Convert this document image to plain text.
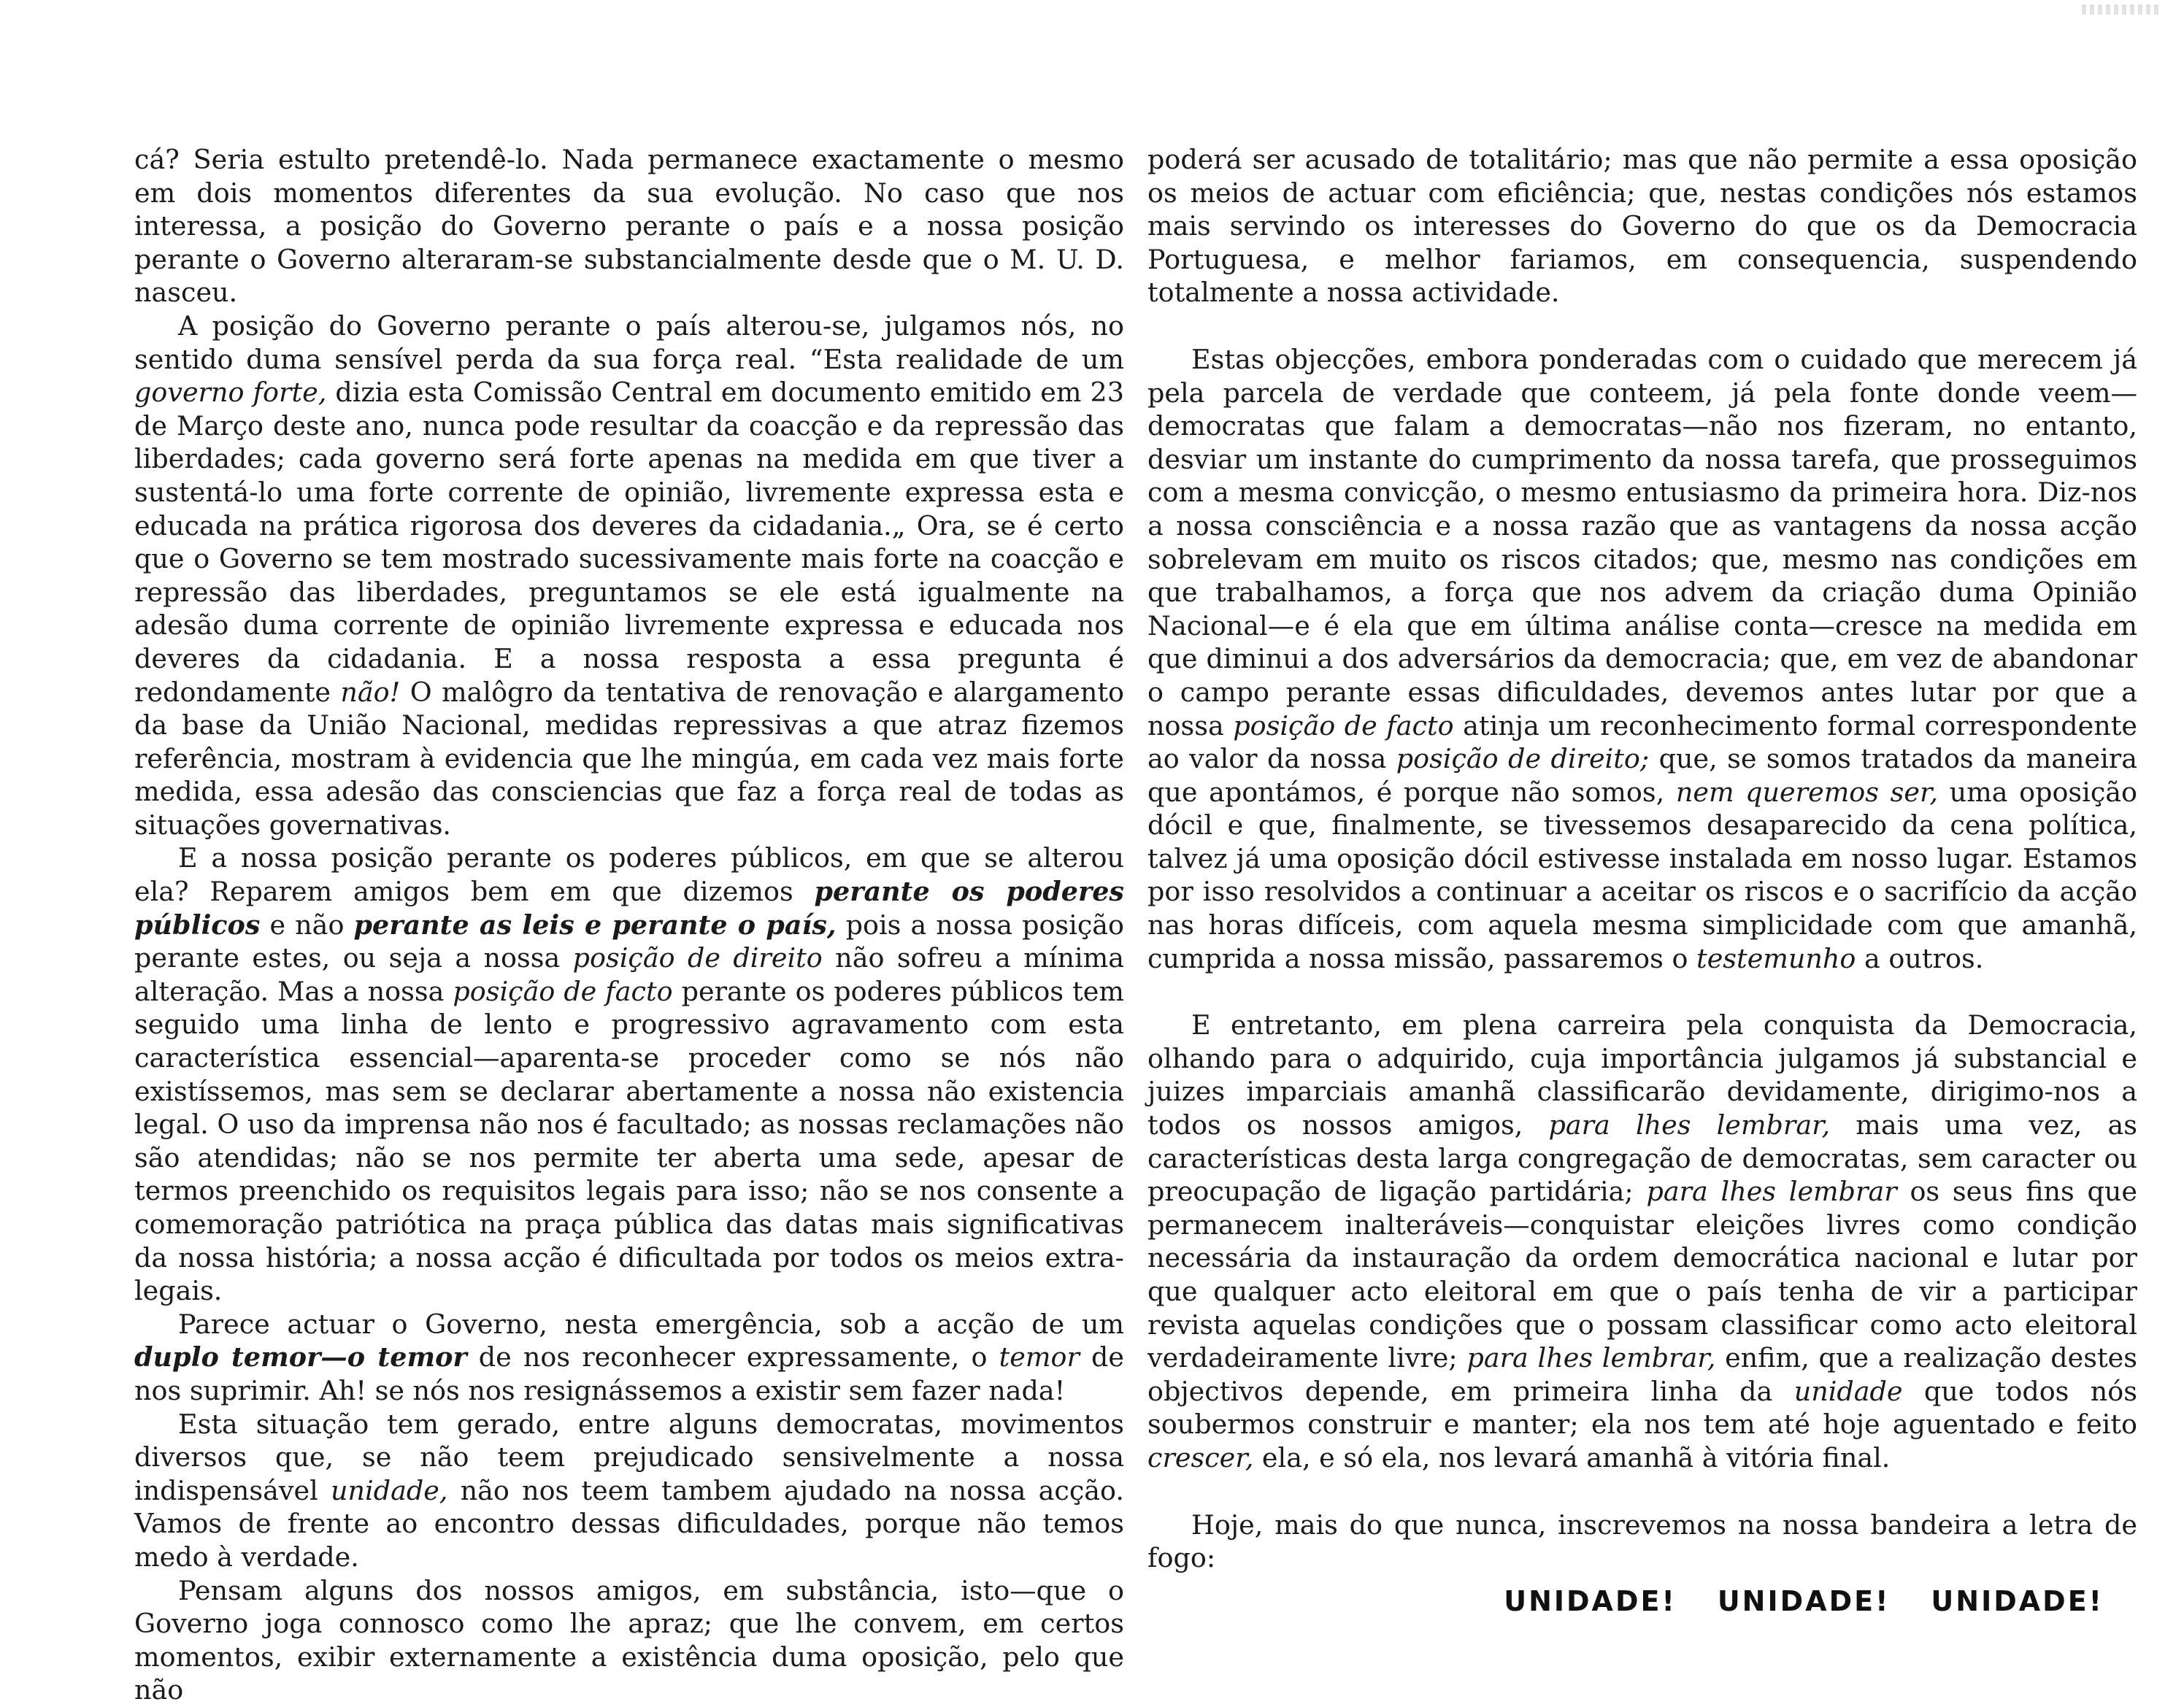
cá? Seria estulto pretendê-lo. Nada permanece exactamente o mesmo em dois momentos diferentes da sua evolução. No caso que nos interessa, a posição do Governo perante o país e a nossa posição perante o Governo alteraram-se substancialmente desde que o M. U. D. nasceu.

A posição do Governo perante o país alterou-se, julgamos nós, no sentido duma sensível perda da sua força real. “Esta realidade de um governo forte, dizia esta Comissão Central em documento emitido em 23 de Março deste ano, nunca pode resultar da coacção e da repressão das liberdades; cada governo será forte apenas na medida em que tiver a sustentá-lo uma forte corrente de opinião, livremente expressa esta e educada na prática rigorosa dos deveres da cidadania.„ Ora, se é certo que o Governo se tem mostrado sucessivamente mais forte na coacção e repressão das liberdades, preguntamos se ele está igualmente na adesão duma corrente de opinião livremente expressa e educada nos deveres da cidadania. E a nossa resposta a essa pregunta é redondamente não! O malôgro da tentativa de renovação e alargamento da base da União Nacional, medidas repressivas a que atraz fizemos referência, mostram à evidencia que lhe mingúa, em cada vez mais forte medida, essa adesão das consciencias que faz a força real de todas as situações governativas.

E a nossa posição perante os poderes públicos, em que se alterou ela? Reparem amigos bem em que dizemos perante os poderes públicos e não perante as leis e perante o país, pois a nossa posição perante estes, ou seja a nossa posição de direito não sofreu a mínima alteração. Mas a nossa posição de facto perante os poderes públicos tem seguido uma linha de lento e progressivo agravamento com esta característica essencial—aparenta-se proceder como se nós não existíssemos, mas sem se declarar abertamente a nossa não existencia legal. O uso da imprensa não nos é facultado; as nossas reclamações não são atendidas; não se nos permite ter aberta uma sede, apesar de termos preenchido os requisitos legais para isso; não se nos consente a comemoração patriótica na praça pública das datas mais significativas da nossa história; a nossa acção é dificultada por todos os meios extra-legais.

Parece actuar o Governo, nesta emergência, sob a acção de um duplo temor—o temor de nos reconhecer expressamente, o temor de nos suprimir. Ah! se nós nos resignássemos a existir sem fazer nada!

Esta situação tem gerado, entre alguns democratas, movimentos diversos que, se não teem prejudicado sensivelmente a nossa indispensável unidade, não nos teem tambem ajudado na nossa acção. Vamos de frente ao encontro dessas dificuldades, porque não temos medo à verdade.

Pensam alguns dos nossos amigos, em substância, isto—que o Governo joga connosco como lhe apraz; que lhe convem, em certos momentos, exibir externamente a existência duma oposição, pelo que não

poderá ser acusado de totalitário; mas que não permite a essa oposição os meios de actuar com eficiência; que, nestas condições nós estamos mais servindo os interesses do Governo do que os da Democracia Portuguesa, e melhor fariamos, em consequencia, suspendendo totalmente a nossa actividade.

Estas objecções, embora ponderadas com o cuidado que merecem já pela parcela de verdade que conteem, já pela fonte donde veem—democratas que falam a democratas—não nos fizeram, no entanto, desviar um instante do cumprimento da nossa tarefa, que prosseguimos com a mesma convicção, o mesmo entusiasmo da primeira hora. Diz-nos a nossa consciência e a nossa razão que as vantagens da nossa acção sobrelevam em muito os riscos citados; que, mesmo nas condições em que trabalhamos, a força que nos advem da criação duma Opinião Nacional—e é ela que em última análise conta—cresce na medida em que diminui a dos adversários da democracia; que, em vez de abandonar o campo perante essas dificuldades, devemos antes lutar por que a nossa posição de facto atinja um reconhecimento formal correspondente ao valor da nossa posição de direito; que, se somos tratados da maneira que apontámos, é porque não somos, nem queremos ser, uma oposição dócil e que, finalmente, se tivessemos desaparecido da cena política, talvez já uma oposição dócil estivesse instalada em nosso lugar. Estamos por isso resolvidos a continuar a aceitar os riscos e o sacrifício da acção nas horas difíceis, com aquela mesma simplicidade com que amanhã, cumprida a nossa missão, passaremos o testemunho a outros.

E entretanto, em plena carreira pela conquista da Democracia, olhando para o adquirido, cuja importância julgamos já substancial e juizes imparciais amanhã classificarão devidamente, dirigimo-nos a todos os nossos amigos, para lhes lembrar, mais uma vez, as características desta larga congregação de democratas, sem caracter ou preocupação de ligação partidária; para lhes lembrar os seus fins que permanecem inalteráveis—conquistar eleições livres como condição necessária da instauração da ordem democrática nacional e lutar por que qualquer acto eleitoral em que o país tenha de vir a participar revista aquelas condições que o possam classificar como acto eleitoral verdadeiramente livre; para lhes lembrar, enfim, que a realização destes objectivos depende, em primeira linha da unidade que todos nós soubermos construir e manter; ela nos tem até hoje aguentado e feito crescer, ela, e só ela, nos levará amanhã à vitória final.

Hoje, mais do que nunca, inscrevemos na nossa bandeira a letra de fogo:

UNIDADE! UNIDADE! UNIDADE!
